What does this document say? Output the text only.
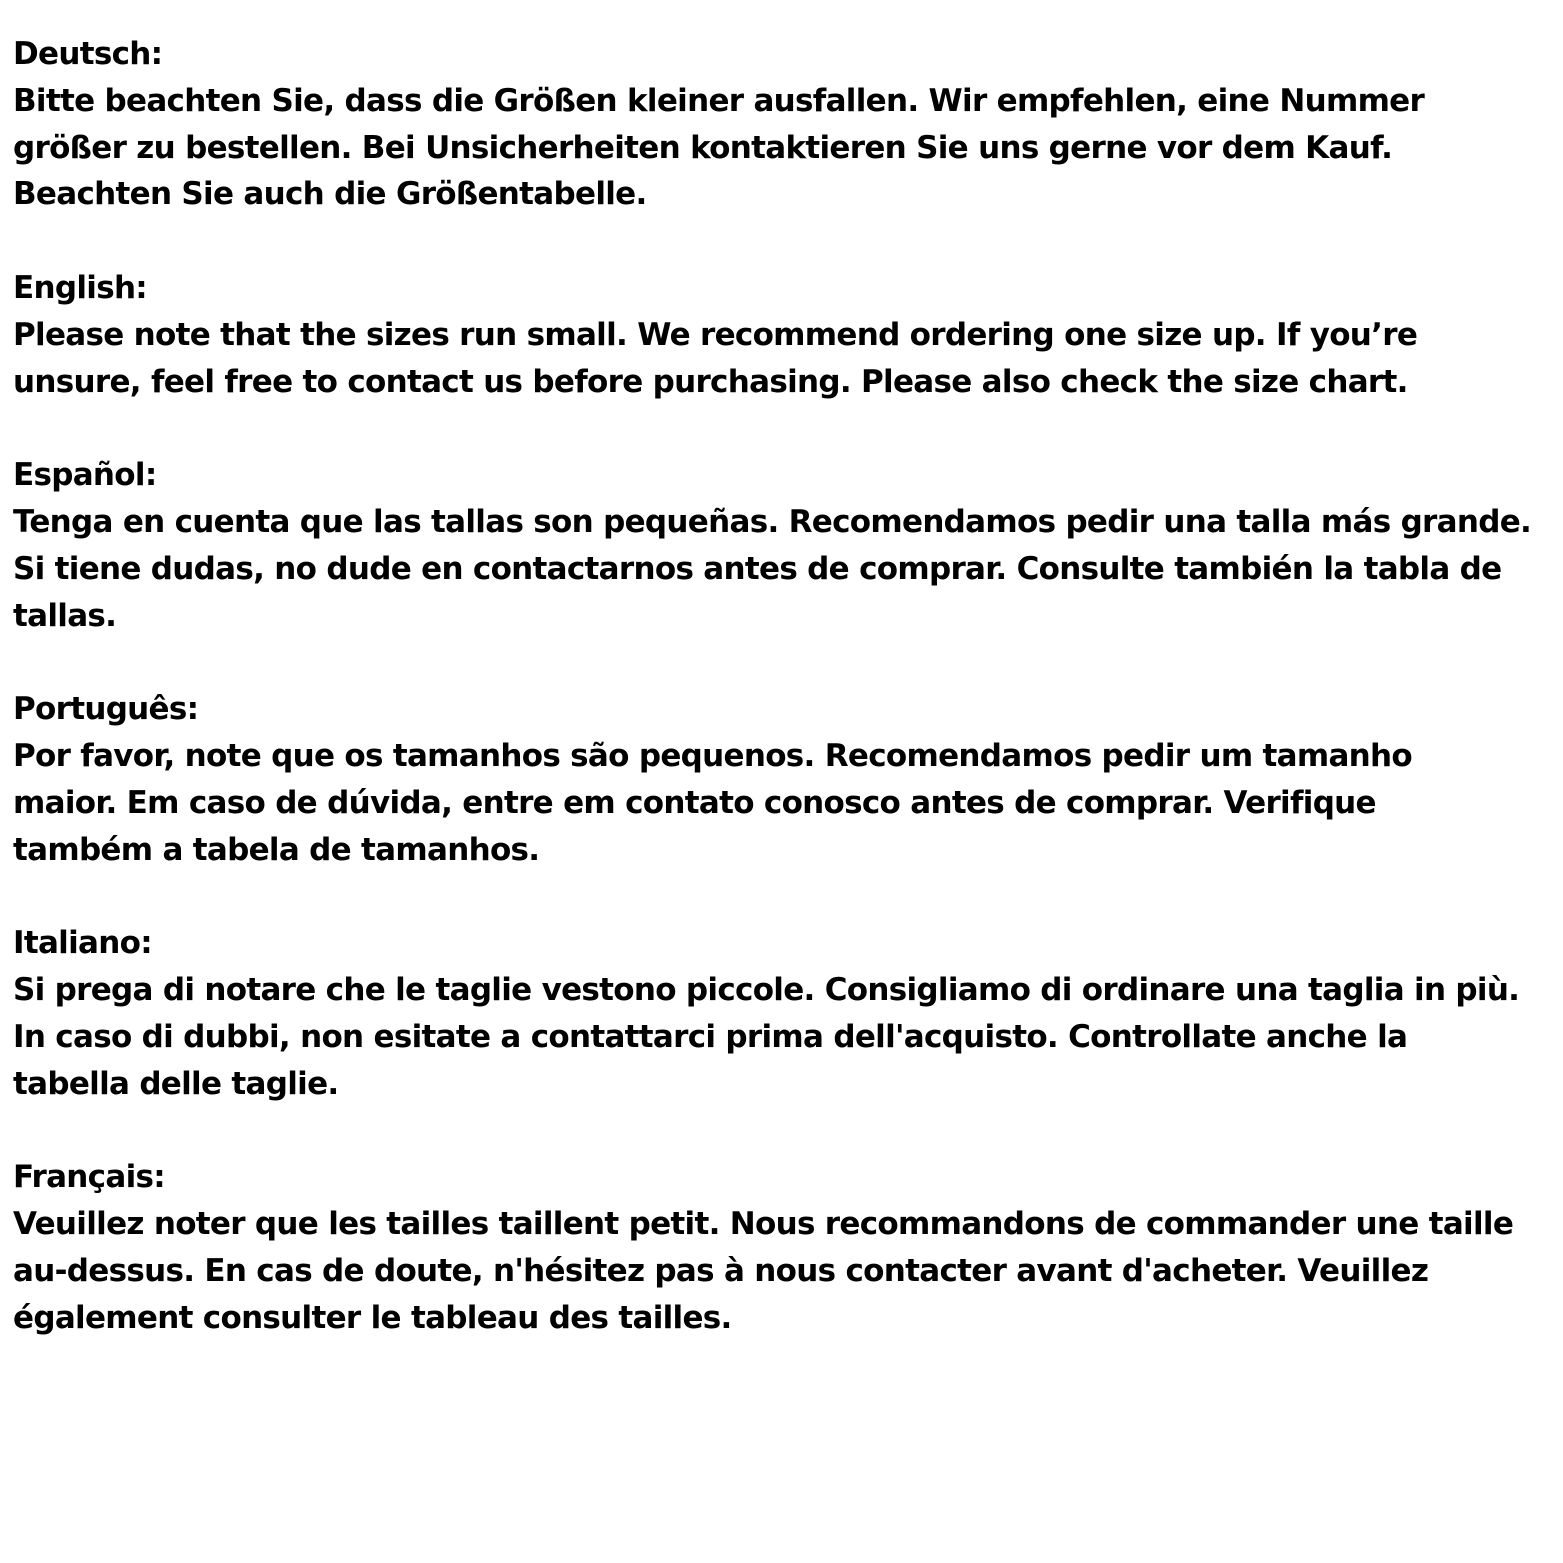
Deutsch:
Bitte beachten Sie, dass die Größen kleiner ausfallen. Wir empfehlen, eine Nummer
größer zu bestellen. Bei Unsicherheiten kontaktieren Sie uns gerne vor dem Kauf.
Beachten Sie auch die Größentabelle.
English:
Please note that the sizes run small. We recommend ordering one size up. If you’re
unsure, feel free to contact us before purchasing. Please also check the size chart.
Español:
Tenga en cuenta que las tallas son pequeñas. Recomendamos pedir una talla más grande.
Si tiene dudas, no dude en contactarnos antes de comprar. Consulte también la tabla de
tallas.
Português:
Por favor, note que os tamanhos são pequenos. Recomendamos pedir um tamanho
maior. Em caso de dúvida, entre em contato conosco antes de comprar. Verifique
também a tabela de tamanhos.
Italiano:
Si prega di notare che le taglie vestono piccole. Consigliamo di ordinare una taglia in più.
In caso di dubbi, non esitate a contattarci prima dell'acquisto. Controllate anche la
tabella delle taglie.
Français:
Veuillez noter que les tailles taillent petit. Nous recommandons de commander une taille
au-dessus. En cas de doute, n'hésitez pas à nous contacter avant d'acheter. Veuillez
également consulter le tableau des tailles.
